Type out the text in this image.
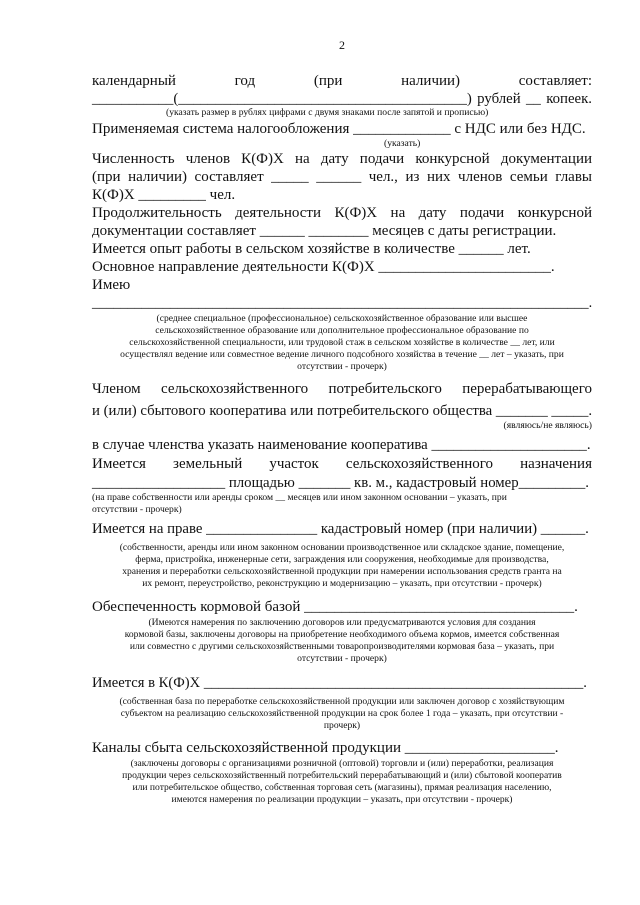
2
календарный год (при наличии) составляет:
___________(_______________________________________) рублей __ копеек.
(указать размер в рублях цифрами с двумя знаками после запятой и прописью)
Применяемая система налогообложения _____________ с НДС или без НДС.
(указать)
Численность членов К(Ф)Х на дату подачи конкурсной документации
(при наличии) составляет _____ ______ чел., из них членов семьи главы
К(Ф)Х _________ чел.
Продолжительность деятельности К(Ф)Х на дату подачи конкурсной
документации составляет ______ ________ месяцев с даты регистрации.
Имеется опыт работы в сельском хозяйстве в количестве ______ лет.
Основное направление деятельности К(Ф)Х _______________________.
Имею
______________________________________________________________________.
(среднее специальное (профессиональное) сельскохозяйственное образование или высшее
сельскохозяйственное образование или дополнительное профессиональное образование по
сельскохозяйственной специальности, или трудовой стаж в сельском хозяйстве в количестве __ лет, или
осуществлял ведение или совместное ведение личного подсобного хозяйства в течение __ лет – указать, при
отсутствии - прочерк)
Членом сельскохозяйственного потребительского перерабатывающего
и (или) сбытового кооператива или потребительского общества _______ _____.
(являюсь/не являюсь)
в случае членства указать наименование кооператива _____________________.
Имеется земельный участок сельскохозяйственного назначения
__________________ площадью _______ кв. м., кадастровый номер_________.
(на праве собственности или аренды сроком __ месяцев или ином законном основании – указать, при
отсутствии - прочерк)
Имеется на праве _______________ кадастровый номер (при наличии) ______.
(собственности, аренды или ином законном основании производственное или складское здание, помещение,
ферма, пристройка, инженерные сети, заграждения или сооружения, необходимые для производства,
хранения и переработки сельскохозяйственной продукции при намерении использования средств гранта на
их ремонт, переустройство, реконструкцию и модернизацию – указать, при отсутствии - прочерк)
Обеспеченность кормовой базой ____________________________________.
(Имеются намерения по заключению договоров или предусматриваются условия для создания
кормовой базы, заключены договоры на приобретение необходимого объема кормов, имеется собственная
или совместно с другими сельскохозяйственными товаропроизводителями кормовая база – указать, при
отсутствии - прочерк)
Имеется в К(Ф)Х ____________________________________________________.
(собственная база по переработке сельскохозяйственной продукции или заключен договор с хозяйствующим
субъектом на реализацию сельскохозяйственной продукции на срок более 1 года – указать, при отсутствии -
прочерк)
Каналы сбыта сельскохозяйственной продукции ____________________.
(заключены договоры с организациями розничной (оптовой) торговли и (или) переработки, реализация
продукции через сельскохозяйственный потребительский перерабатывающий и (или) сбытовой кооператив
или потребительское общество, собственная торговая сеть (магазины), прямая реализация населению,
имеются намерения по реализации продукции – указать, при отсутствии - прочерк)
